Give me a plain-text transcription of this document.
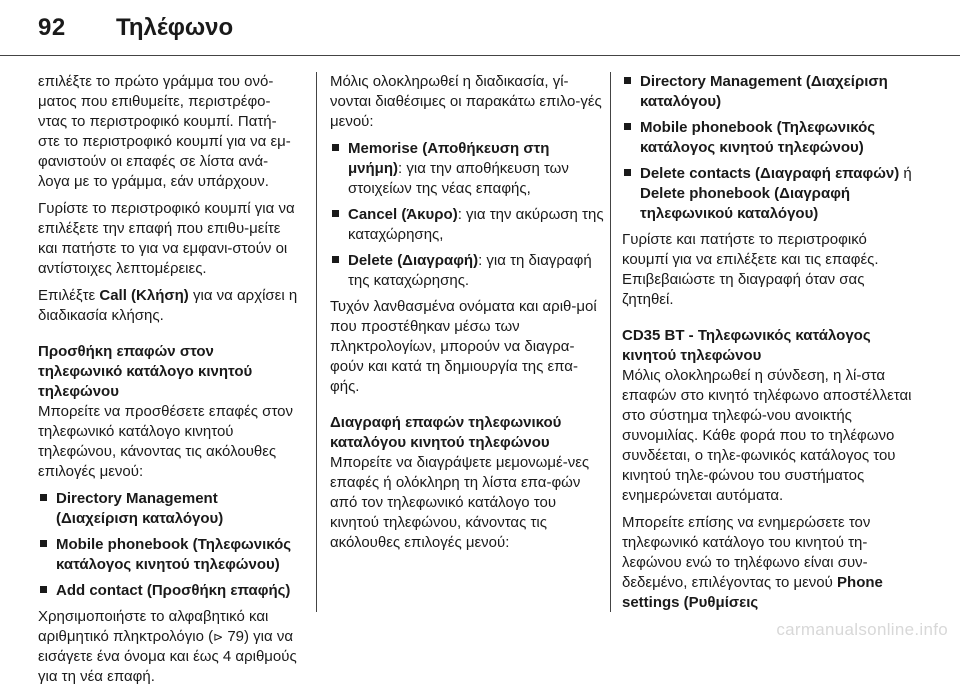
92 Τηλέφωνο

επιλέξτε το πρώτο γράμμα του ονό-ματος που επιθυμείτε, περιστρέφο-ντας το περιστροφικό κουμπί. Πατή-στε το περιστροφικό κουμπί για να εμ-φανιστούν οι επαφές σε λίστα ανά-λογα με το γράμμα, εάν υπάρχουν.

Γυρίστε το περιστροφικό κουμπί για να επιλέξετε την επαφή που επιθυ-μείτε και πατήστε το για να εμφανι-στούν οι αντίστοιχες λεπτομέρειες.

Επιλέξτε Call (Κλήση) για να αρχίσει η διαδικασία κλήσης.

Προσθήκη επαφών στον τηλεφωνικό κατάλογο κινητού τηλεφώνου

Μπορείτε να προσθέσετε επαφές στον τηλεφωνικό κατάλογο κινητού τηλεφώνου, κάνοντας τις ακόλουθες επιλογές μενού:

Directory Management (Διαχείριση καταλόγου)
Mobile phonebook (Τηλεφωνικός κατάλογος κινητού τηλεφώνου)
Add contact (Προσθήκη επαφής)

Χρησιμοποιήστε το αλφαβητικό και αριθμητικό πληκτρολόγιο (⊳ 79) για να εισάγετε ένα όνομα και έως 4 αριθμούς για τη νέα επαφή.

Μόλις ολοκληρωθεί η διαδικασία, γί-νονται διαθέσιμες οι παρακάτω επιλο-γές μενού:

Memorise (Αποθήκευση στη μνήμη): για την αποθήκευση των στοιχείων της νέας επαφής,
Cancel (Άκυρο): για την ακύρωση της καταχώρησης,
Delete (Διαγραφή): για τη διαγραφή της καταχώρησης.

Τυχόν λανθασμένα ονόματα και αριθ-μοί που προστέθηκαν μέσω των πληκτρολογίων, μπορούν να διαγρα-φούν και κατά τη δημιουργία της επα-φής.

Διαγραφή επαφών τηλεφωνικού καταλόγου κινητού τηλεφώνου

Μπορείτε να διαγράψετε μεμονωμέ-νες επαφές ή ολόκληρη τη λίστα επα-φών από τον τηλεφωνικό κατάλογο του κινητού τηλεφώνου, κάνοντας τις ακόλουθες επιλογές μενού:

Directory Management (Διαχείριση καταλόγου)
Mobile phonebook (Τηλεφωνικός κατάλογος κινητού τηλεφώνου)
Delete contacts (Διαγραφή επαφών) ή Delete phonebook (Διαγραφή τηλεφωνικού καταλόγου)

Γυρίστε και πατήστε το περιστροφικό κουμπί για να επιλέξετε και τις επαφές. Επιβεβαιώστε τη διαγραφή όταν σας ζητηθεί.

CD35 BT - Τηλεφωνικός κατάλογος κινητού τηλεφώνου

Μόλις ολοκληρωθεί η σύνδεση, η λί-στα επαφών στο κινητό τηλέφωνο αποστέλλεται στο σύστημα τηλεφώ-νου ανοικτής συνομιλίας. Κάθε φορά που το τηλέφωνο συνδέεται, ο τηλε-φωνικός κατάλογος του κινητού τηλε-φώνου του συστήματος ενημερώνεται αυτόματα.

Μπορείτε επίσης να ενημερώσετε τον τηλεφωνικό κατάλογο του κινητού τη-λεφώνου ενώ το τηλέφωνο είναι συν-δεδεμένο, επιλέγοντας το μενού Phone settings (Ρυθμίσεις

carmanualsonline.info
